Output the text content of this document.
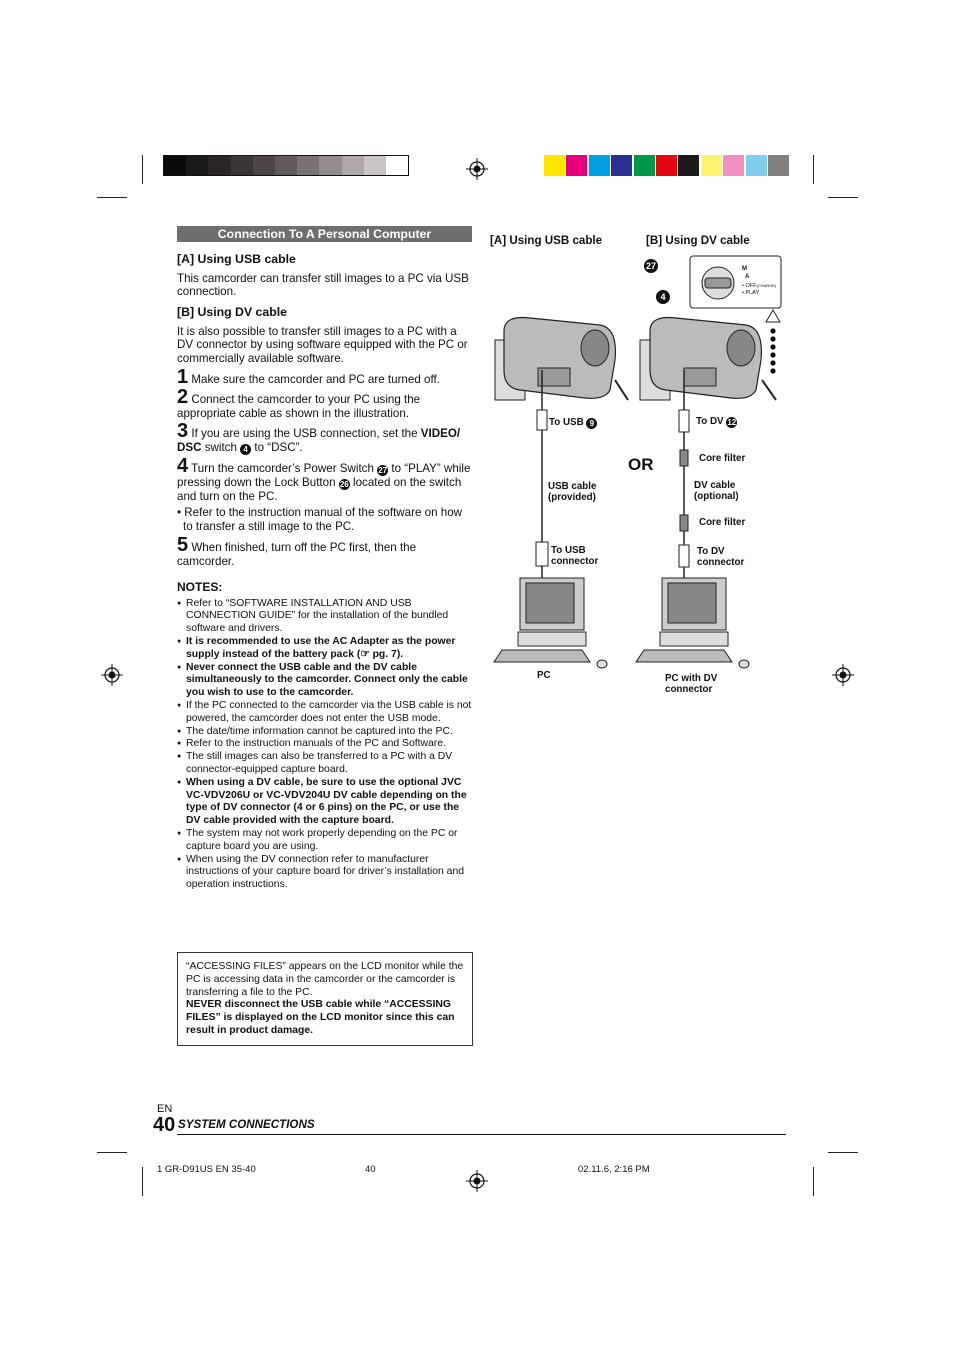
Connection To A Personal Computer
[A] Using USB cable
This camcorder can transfer still images to a PC via USB connection.
[B] Using DV cable
It is also possible to transfer still images to a PC with a DV connector by using software equipped with the PC or commercially available software.
1 Make sure the camcorder and PC are turned off.
2 Connect the camcorder to your PC using the appropriate cable as shown in the illustration.
3 If you are using the USB connection, set the VIDEO/ DSC switch 4 to “DSC”.
4 Turn the camcorder’s Power Switch 27 to “PLAY” while pressing down the Lock Button 26 located on the switch and turn on the PC.
• Refer to the instruction manual of the software on how to transfer a still image to the PC.
5 When finished, turn off the PC first, then the camcorder.
NOTES:
● Refer to “SOFTWARE INSTALLATION AND USB CONNECTION GUIDE” for the installation of the bundled software and drivers.
● It is recommended to use the AC Adapter as the power supply instead of the battery pack (☞ pg. 7).
● Never connect the USB cable and the DV cable simultaneously to the camcorder. Connect only the cable you wish to use to the camcorder.
● If the PC connected to the camcorder via the USB cable is not powered, the camcorder does not enter the USB mode.
● The date/time information cannot be captured into the PC.
● Refer to the instruction manuals of the PC and Software.
● The still images can also be transferred to a PC with a DV connector-equipped capture board.
● When using a DV cable, be sure to use the optional JVC VC-VDV206U or VC-VDV204U DV cable depending on the type of DV connector (4 or 6 pins) on the PC, or use the DV cable provided with the capture board.
● The system may not work properly depending on the PC or capture board you are using.
● When using the DV connection refer to manufacturer instructions of your capture board for driver’s installation and operation instructions.

“ACCESSING FILES” appears on the LCD monitor while the PC is accessing data in the camcorder or the camcorder is transferring a file to the PC.

NEVER disconnect the USB cable while “ACCESSING FILES” is displayed on the LCD monitor since this can result in product damage.

[A] Using USB cable	[B] Using DV cable
27
4
M
A
• OFF(CHARGE)
• PLAY
To USB 9
USB cable
(provided)
To USB
connector
PC
OR
To DV 12
Core filter
DV cable
(optional)
Core filter
To DV
connector
PC with DV
connector
EN
40 SYSTEM CONNECTIONS
1 GR-D91US EN 35-40	40	02.11.6, 2:16 PM
